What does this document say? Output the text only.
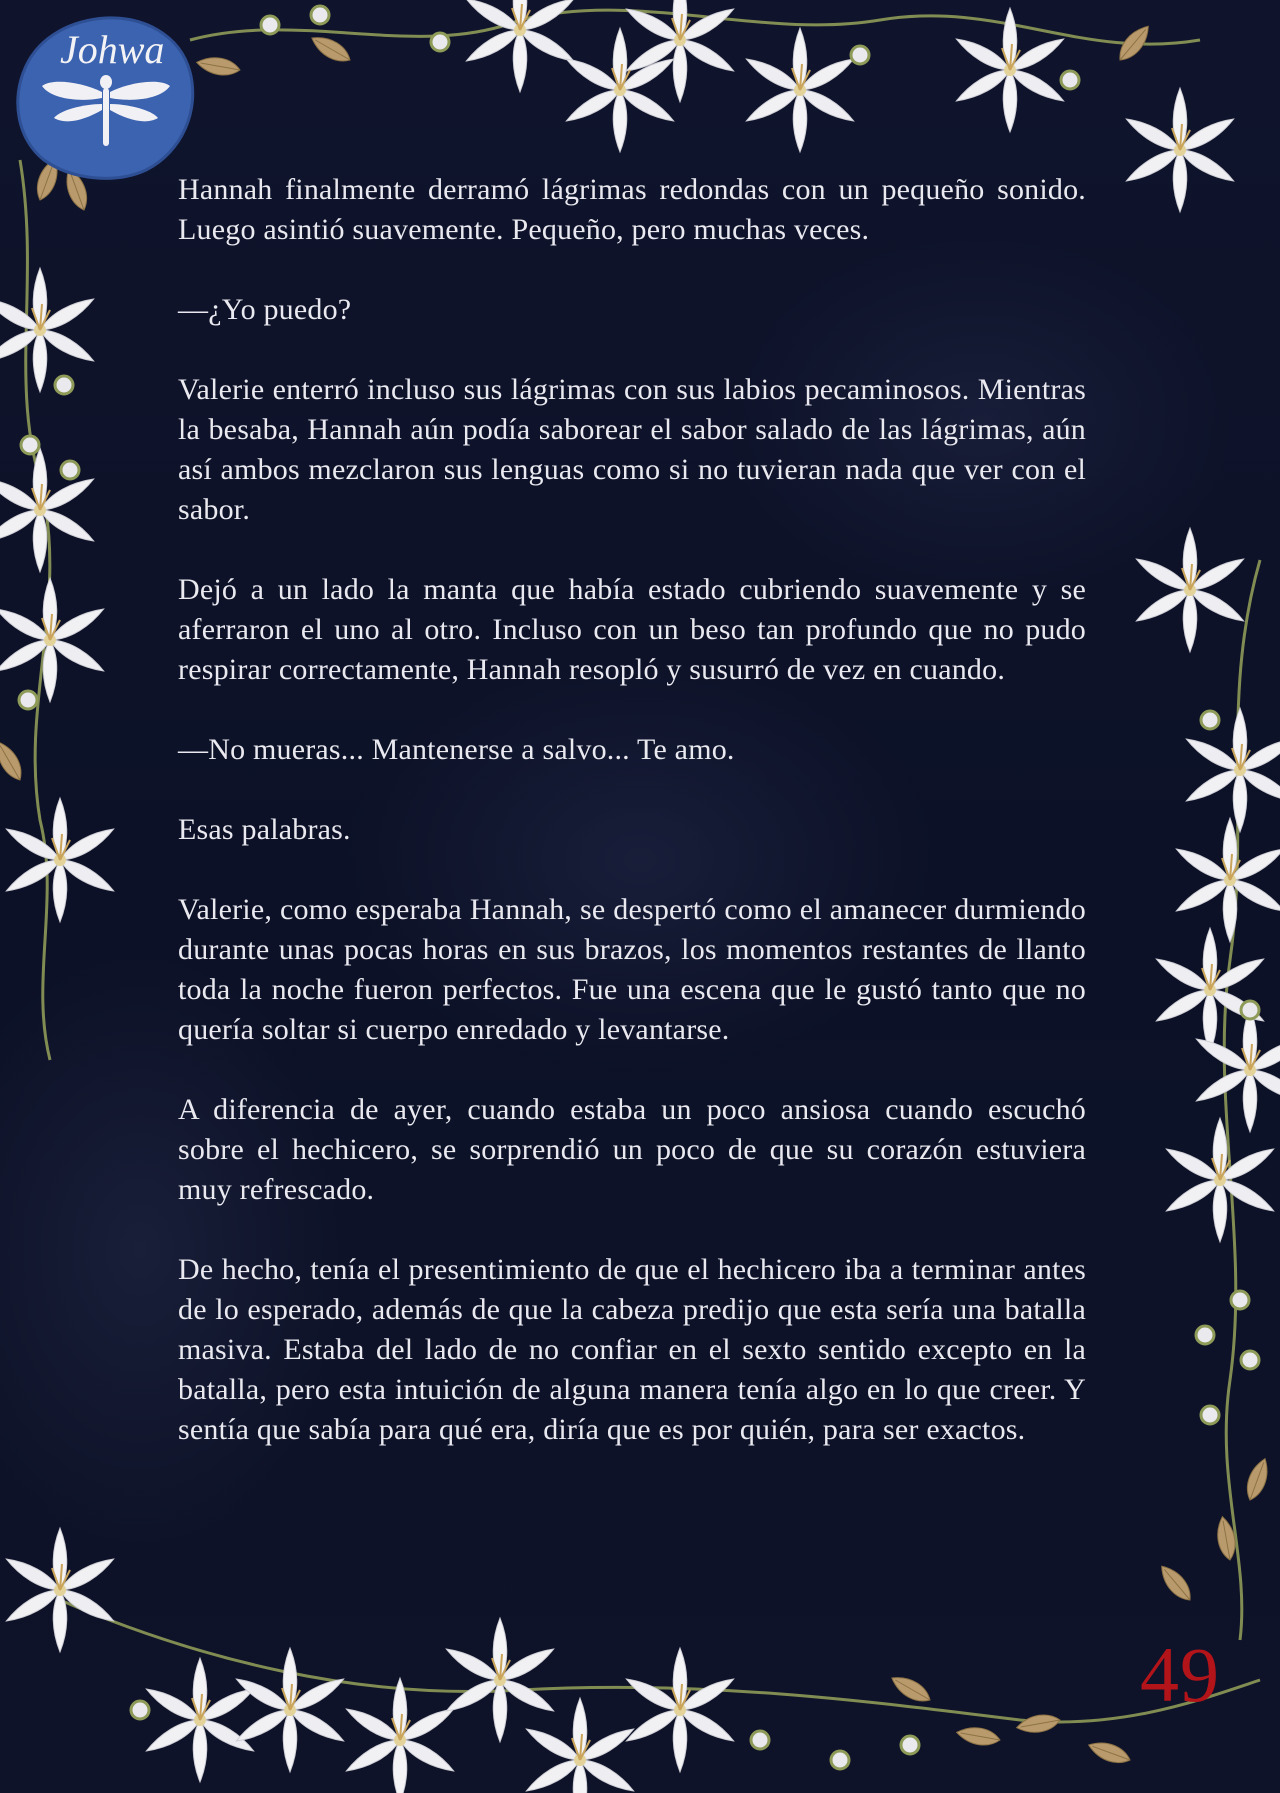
Johwa

Hannah finalmente derramó lágrimas redondas con un pequeño sonido. Luego asintió suavemente. Pequeño, pero muchas veces.

—¿Yo puedo?

Valerie enterró incluso sus lágrimas con sus labios pecaminosos. Mientras la besaba, Hannah aún podía saborear el sabor salado de las lágrimas, aún así ambos mezclaron sus lenguas como si no tuvieran nada que ver con el sabor.

Dejó a un lado la manta que había estado cubriendo suavemente y se aferraron el uno al otro. Incluso con un beso tan profundo que no pudo respirar correctamente, Hannah resopló y susurró de vez en cuando.

—No mueras... Mantenerse a salvo... Te amo.

Esas palabras.

Valerie, como esperaba Hannah, se despertó como el amanecer durmiendo durante unas pocas horas en sus brazos, los momentos restantes de llanto toda la noche fueron perfectos. Fue una escena que le gustó tanto que no quería soltar si cuerpo enredado y levantarse.

A diferencia de ayer, cuando estaba un poco ansiosa cuando escuchó sobre el hechicero, se sorprendió un poco de que su corazón estuviera muy refrescado.

De hecho, tenía el presentimiento de que el hechicero iba a terminar antes de lo esperado, además de que la cabeza predijo que esta sería una batalla masiva. Estaba del lado de no confiar en el sexto sentido excepto en la batalla, pero esta intuición de alguna manera tenía algo en lo que creer. Y sentía que sabía para qué era, diría que es por quién, para ser exactos.

49
